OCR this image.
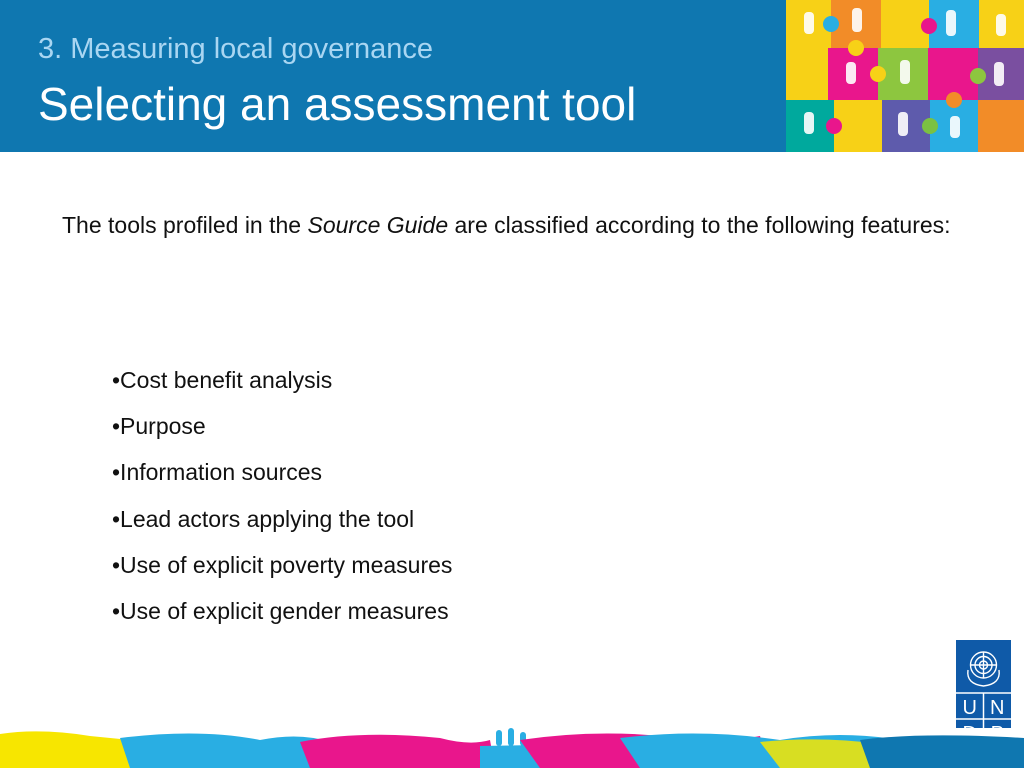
3. Measuring local governance
Selecting an assessment tool
The tools profiled in the Source Guide are classified according to the following features:
•Cost benefit analysis
•Purpose
•Information sources
•Lead actors applying the tool
•Use of explicit poverty measures
•Use of explicit gender measures
U N
